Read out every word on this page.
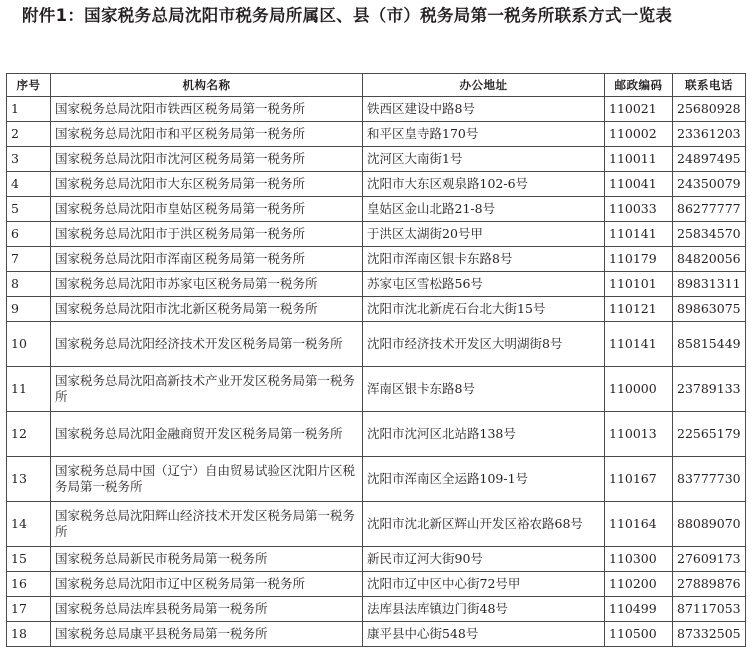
附件1：国家税务总局沈阳市税务局所属区、县（市）税务局第一税务所联系方式一览表
序号	机构名称	办公地址	邮政编码	联系电话
1	国家税务总局沈阳市铁西区税务局第一税务所	铁西区建设中路8号	110021	25680928
2	国家税务总局沈阳市和平区税务局第一税务所	和平区皇寺路170号	110002	23361203
3	国家税务总局沈阳市沈河区税务局第一税务所	沈河区大南街1号	110011	24897495
4	国家税务总局沈阳市大东区税务局第一税务所	沈阳市大东区观泉路102-6号	110041	24350079
5	国家税务总局沈阳市皇姑区税务局第一税务所	皇姑区金山北路21-8号	110033	86277777
6	国家税务总局沈阳市于洪区税务局第一税务所	于洪区太湖街20号甲	110141	25834570
7	国家税务总局沈阳市浑南区税务局第一税务所	沈阳市浑南区银卡东路8号	110179	84820056
8	国家税务总局沈阳市苏家屯区税务局第一税务所	苏家屯区雪松路56号	110101	89831311
9	国家税务总局沈阳市沈北新区税务局第一税务所	沈阳市沈北新虎石台北大街15号	110121	89863075
10	国家税务总局沈阳经济技术开发区税务局第一税务所	沈阳市经济技术开发区大明湖街8号	110141	85815449
11	国家税务总局沈阳高新技术产业开发区税务局第一税务所	浑南区银卡东路8号	110000	23789133
12	国家税务总局沈阳金融商贸开发区税务局第一税务所	沈阳市沈河区北站路138号	110013	22565179
13	国家税务总局中国（辽宁）自由贸易试验区沈阳片区税务局第一税务所	沈阳市浑南区全运路109-1号	110167	83777730
14	国家税务总局沈阳辉山经济技术开发区税务局第一税务所	沈阳市沈北新区辉山开发区裕农路68号	110164	88089070
15	国家税务总局新民市税务局第一税务所	新民市辽河大街90号	110300	27609173
16	国家税务总局沈阳市辽中区税务局第一税务所	沈阳市辽中区中心街72号甲	110200	27889876
17	国家税务总局法库县税务局第一税务所	法库县法库镇边门街48号	110499	87117053
18	国家税务总局康平县税务局第一税务所	康平县中心街548号	110500	87332505
